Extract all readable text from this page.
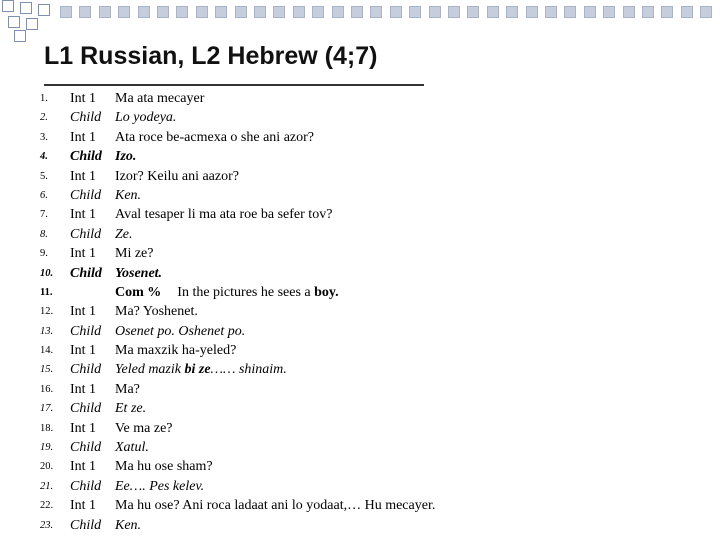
L1 Russian, L2 Hebrew (4;7)
1. Int 1 Ma ata mecayer
2. Child Lo yodeya.
3. Int 1 Ata roce be-acmexa o she ani azor?
4. Child Izo.
5. Int 1 Izor? Keilu ani aazor?
6. Child Ken.
7. Int 1 Aval tesaper li ma ata roe ba sefer tov?
8. Child Ze.
9. Int 1 Mi ze?
10. Child Yosenet.
11.	Com % In the pictures he sees a boy.
12. Int 1 Ma? Yoshenet.
13. Child Osenet po. Oshenet po.
14. Int 1 Ma maxzik ha-yeled?
15. Child Yeled mazik bi ze…… shinaim.
16. Int 1 Ma?
17. Child Et ze.
18. Int 1 Ve ma ze?
19. Child Xatul.
20. Int 1 Ma hu ose sham?
21. Child Ee…. Pes kelev.
22. Int 1 Ma hu ose? Ani roca ladaat ani lo yodaat,… Hu mecayer.
23. Child Ken.
